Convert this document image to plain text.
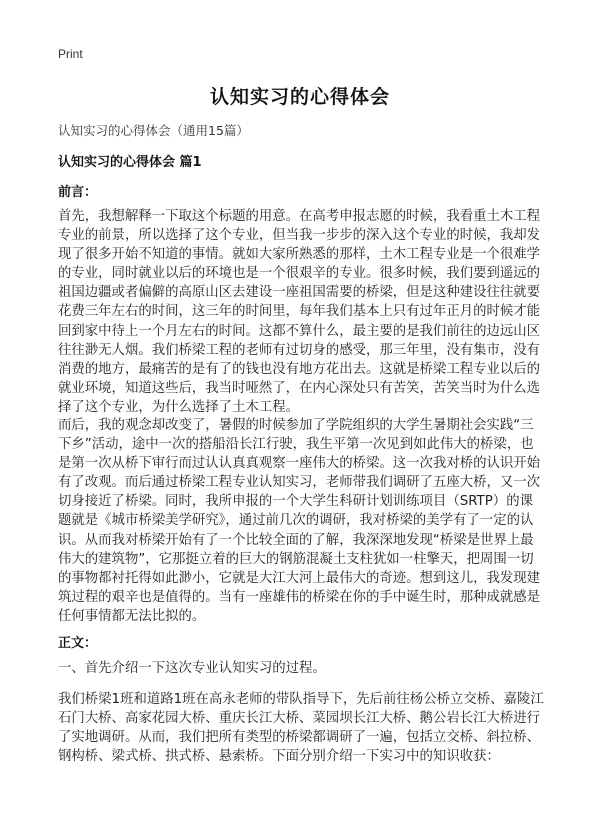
Print
认知实习的心得体会
认知实习的心得体会（通用15篇）
认知实习的心得体会 篇1
前言：
首先，我想解释一下取这个标题的用意。在高考申报志愿的时候，我看重土木工程
专业的前景，所以选择了这个专业，但当我一步步的深入这个专业的时候，我却发
现了很多开始不知道的事情。就如大家所熟悉的那样，土木工程专业是一个很难学
的专业，同时就业以后的环境也是一个很艰辛的专业。很多时候，我们要到遥远的
祖国边疆或者偏僻的高原山区去建设一座祖国需要的桥梁，但是这种建设往往就要
花费三年左右的时间，这三年的时间里，每年我们基本上只有过年正月的时候才能
回到家中待上一个月左右的时间。这都不算什么，最主要的是我们前往的边远山区
往往渺无人烟。我们桥梁工程的老师有过切身的感受，那三年里，没有集市，没有
消费的地方，最痛苦的是有了的钱也没有地方花出去。这就是桥梁工程专业以后的
就业环境，知道这些后，我当时哑然了，在内心深处只有苦笑，苦笑当时为什么选
择了这个专业，为什么选择了土木工程。
而后，我的观念却改变了，暑假的时候参加了学院组织的大学生暑期社会实践“三
下乡”活动，途中一次的搭船沿长江行驶，我生平第一次见到如此伟大的桥梁，也
是第一次从桥下审行而过认认真真观察一座伟大的桥梁。这一次我对桥的认识开始
有了改观。而后通过桥梁工程专业认知实习，老师带我们调研了五座大桥，又一次
切身接近了桥梁。同时，我所申报的一个大学生科研计划训练项目（SRTP）的课
题就是《城市桥梁美学研究》，通过前几次的调研，我对桥梁的美学有了一定的认
识。从而我对桥梁开始有了一个比较全面的了解，我深深地发现“桥梁是世界上最
伟大的建筑物”，它那挺立着的巨大的钢筋混凝土支柱犹如一柱擎天，把周围一切
的事物都衬托得如此渺小，它就是大江大河上最伟大的奇迹。想到这儿，我发现建
筑过程的艰辛也是值得的。当有一座雄伟的桥梁在你的手中诞生时，那种成就感是
任何事情都无法比拟的。
正文：
一、首先介绍一下这次专业认知实习的过程。
我们桥梁1班和道路1班在高永老师的带队指导下，先后前往杨公桥立交桥、嘉陵江
石门大桥、高家花园大桥、重庆长江大桥、菜园坝长江大桥、鹅公岩长江大桥进行
了实地调研。从而，我们把所有类型的桥梁都调研了一遍，包括立交桥、斜拉桥、
钢构桥、梁式桥、拱式桥、悬索桥。下面分别介绍一下实习中的知识收获：
